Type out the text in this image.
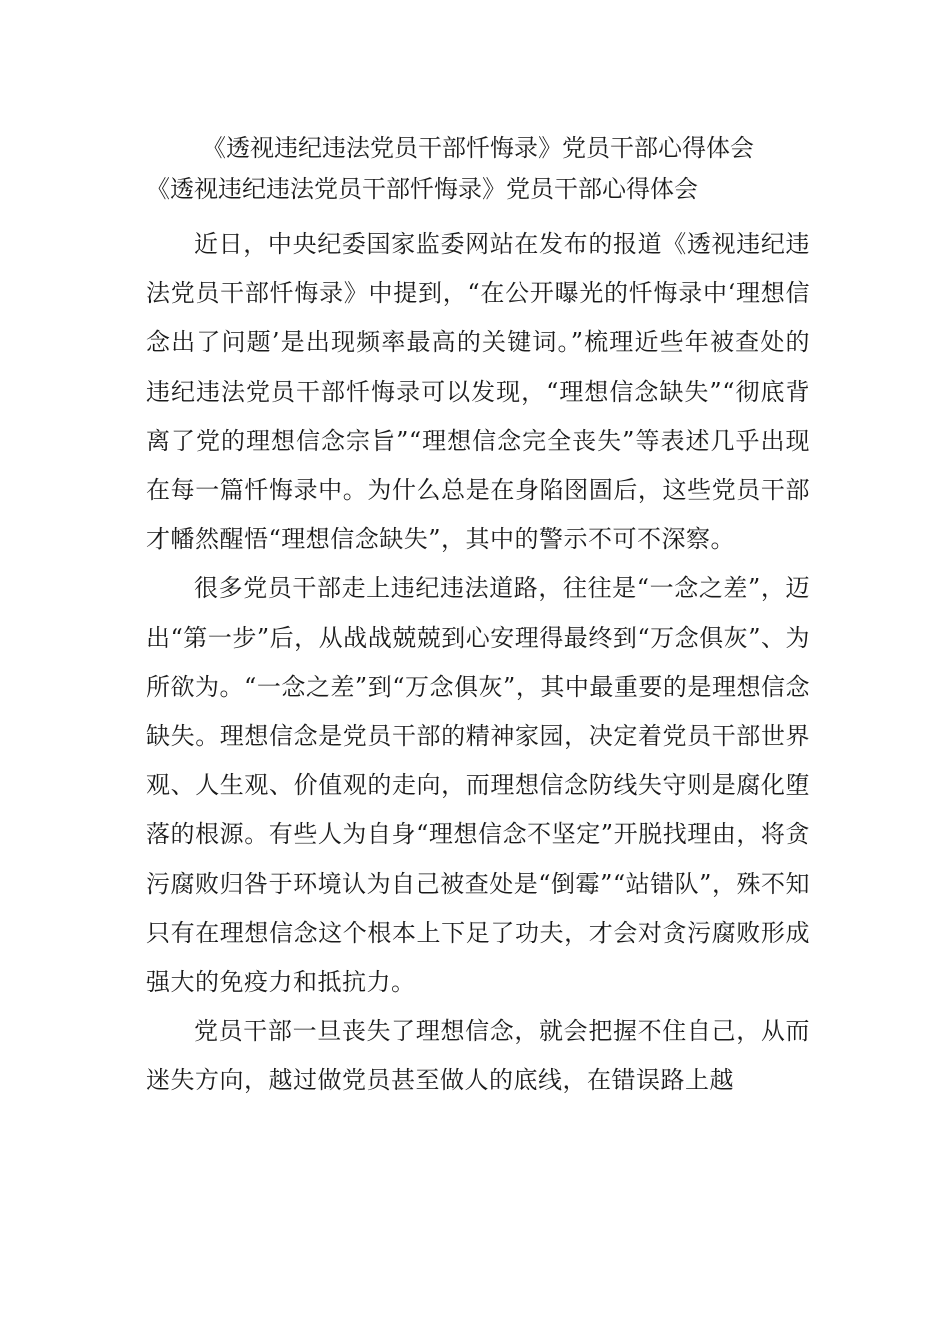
《透视违纪违法党员干部忏悔录》党员干部心得体会
《透视违纪违法党员干部忏悔录》党员干部心得体会

近日，中央纪委国家监委网站在发布的报道《透视违纪违法党员干部忏悔录》中提到，“在公开曝光的忏悔录中‘理想信念出了问题’是出现频率最高的关键词。”梳理近些年被查处的违纪违法党员干部忏悔录可以发现，“理想信念缺失”“彻底背离了党的理想信念宗旨”“理想信念完全丧失”等表述几乎出现在每一篇忏悔录中。为什么总是在身陷囹圄后，这些党员干部才幡然醒悟“理想信念缺失”，其中的警示不可不深察。

很多党员干部走上违纪违法道路，往往是“一念之差”，迈出“第一步”后，从战战兢兢到心安理得最终到“万念俱灰”、为所欲为。“一念之差”到“万念俱灰”，其中最重要的是理想信念缺失。理想信念是党员干部的精神家园，决定着党员干部世界观、人生观、价值观的走向，而理想信念防线失守则是腐化堕落的根源。有些人为自身“理想信念不坚定”开脱找理由，将贪污腐败归咎于环境认为自己被查处是“倒霉”“站错队”，殊不知只有在理想信念这个根本上下足了功夫，才会对贪污腐败形成强大的免疫力和抵抗力。

党员干部一旦丧失了理想信念，就会把握不住自己，从而迷失方向，越过做党员甚至做人的底线，在错误路上越
